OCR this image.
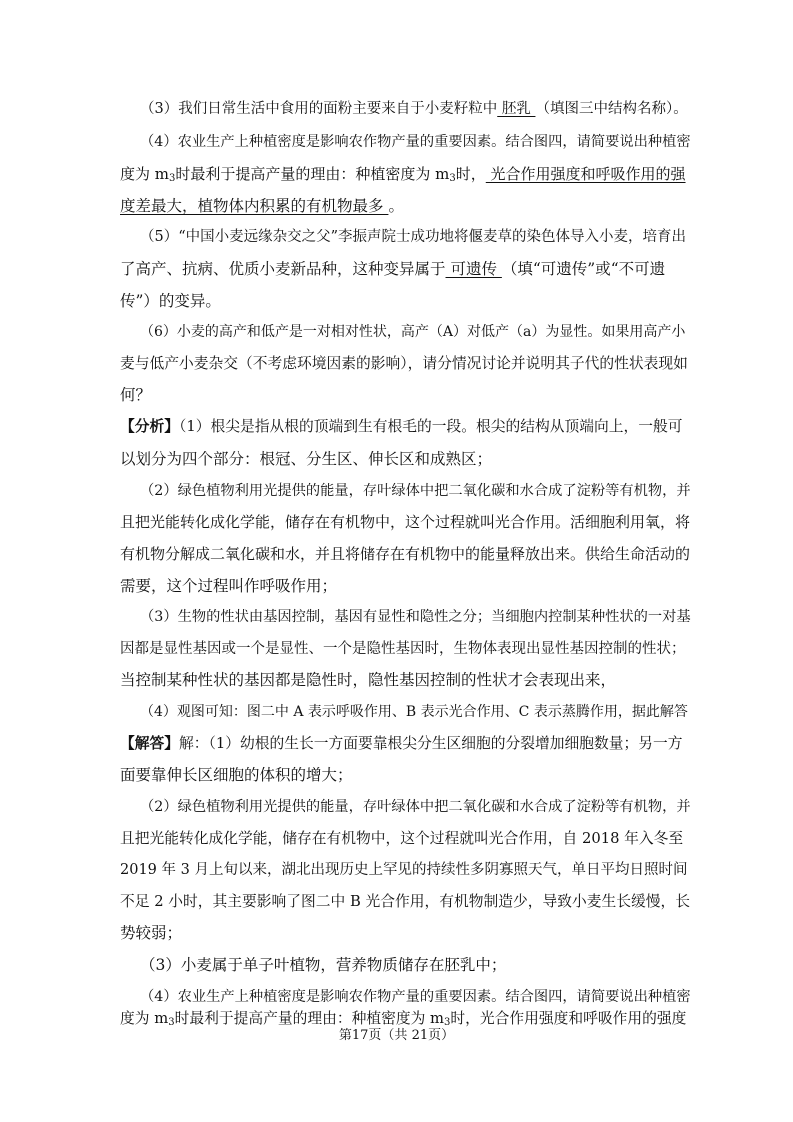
（3）我们日常生活中食用的面粉主要来自于小麦籽粒中 胚乳 （填图三中结构名称）。
（4）农业生产上种植密度是影响农作物产量的重要因素。结合图四，请简要说出种植密
度为 $m_3$时最利于提高产量的理由：种植密度为 $m_3$时， 光合作用强度和呼吸作用的强
度差最大，植物体内积累的有机物最多 。
（5）“中国小麦远缘杂交之父”李振声院士成功地将偃麦草的染色体导入小麦，培育出
了高产、抗病、优质小麦新品种，这种变异属于 可遗传 （填“可遗传”或“不可遗
传”）的变异。
（6）小麦的高产和低产是一对相对性状，高产（A）对低产（a）为显性。如果用高产小
麦与低产小麦杂交（不考虑环境因素的影响），请分情况讨论并说明其子代的性状表现如
何？
【分析】（1）根尖是指从根的顶端到生有根毛的一段。根尖的结构从顶端向上，一般可
以划分为四个部分：根冠、分生区、伸长区和成熟区；
（2）绿色植物利用光提供的能量，存叶绿体中把二氧化碳和水合成了淀粉等有机物，并
且把光能转化成化学能，储存在有机物中，这个过程就叫光合作用。活细胞利用氧，将
有机物分解成二氧化碳和水，并且将储存在有机物中的能量释放出来。供给生命活动的
需要，这个过程叫作呼吸作用；
（3）生物的性状由基因控制，基因有显性和隐性之分；当细胞内控制某种性状的一对基
因都是显性基因或一个是显性、一个是隐性基因时，生物体表现出显性基因控制的性状；
当控制某种性状的基因都是隐性时，隐性基因控制的性状才会表现出来，
（4）观图可知：图二中 A 表示呼吸作用、B 表示光合作用、C 表示蒸腾作用，据此解答
【解答】解：（1）幼根的生长一方面要靠根尖分生区细胞的分裂增加细胞数量；另一方
面要靠伸长区细胞的体积的增大；
（2）绿色植物利用光提供的能量，存叶绿体中把二氧化碳和水合成了淀粉等有机物，并
且把光能转化成化学能，储存在有机物中，这个过程就叫光合作用，自 2018 年入冬至
2019 年 3 月上旬以来，湖北出现历史上罕见的持续性多阴寡照天气，单日平均日照时间
不足 2 小时，其主要影响了图二中 B 光合作用，有机物制造少，导致小麦生长缓慢，长
势较弱；
（3）小麦属于单子叶植物，营养物质储存在胚乳中；
（4）农业生产上种植密度是影响农作物产量的重要因素。结合图四，请简要说出种植密
度为 $m_3$时最利于提高产量的理由：种植密度为 $m_3$时，光合作用强度和呼吸作用的强度
第17页（共 21页）
